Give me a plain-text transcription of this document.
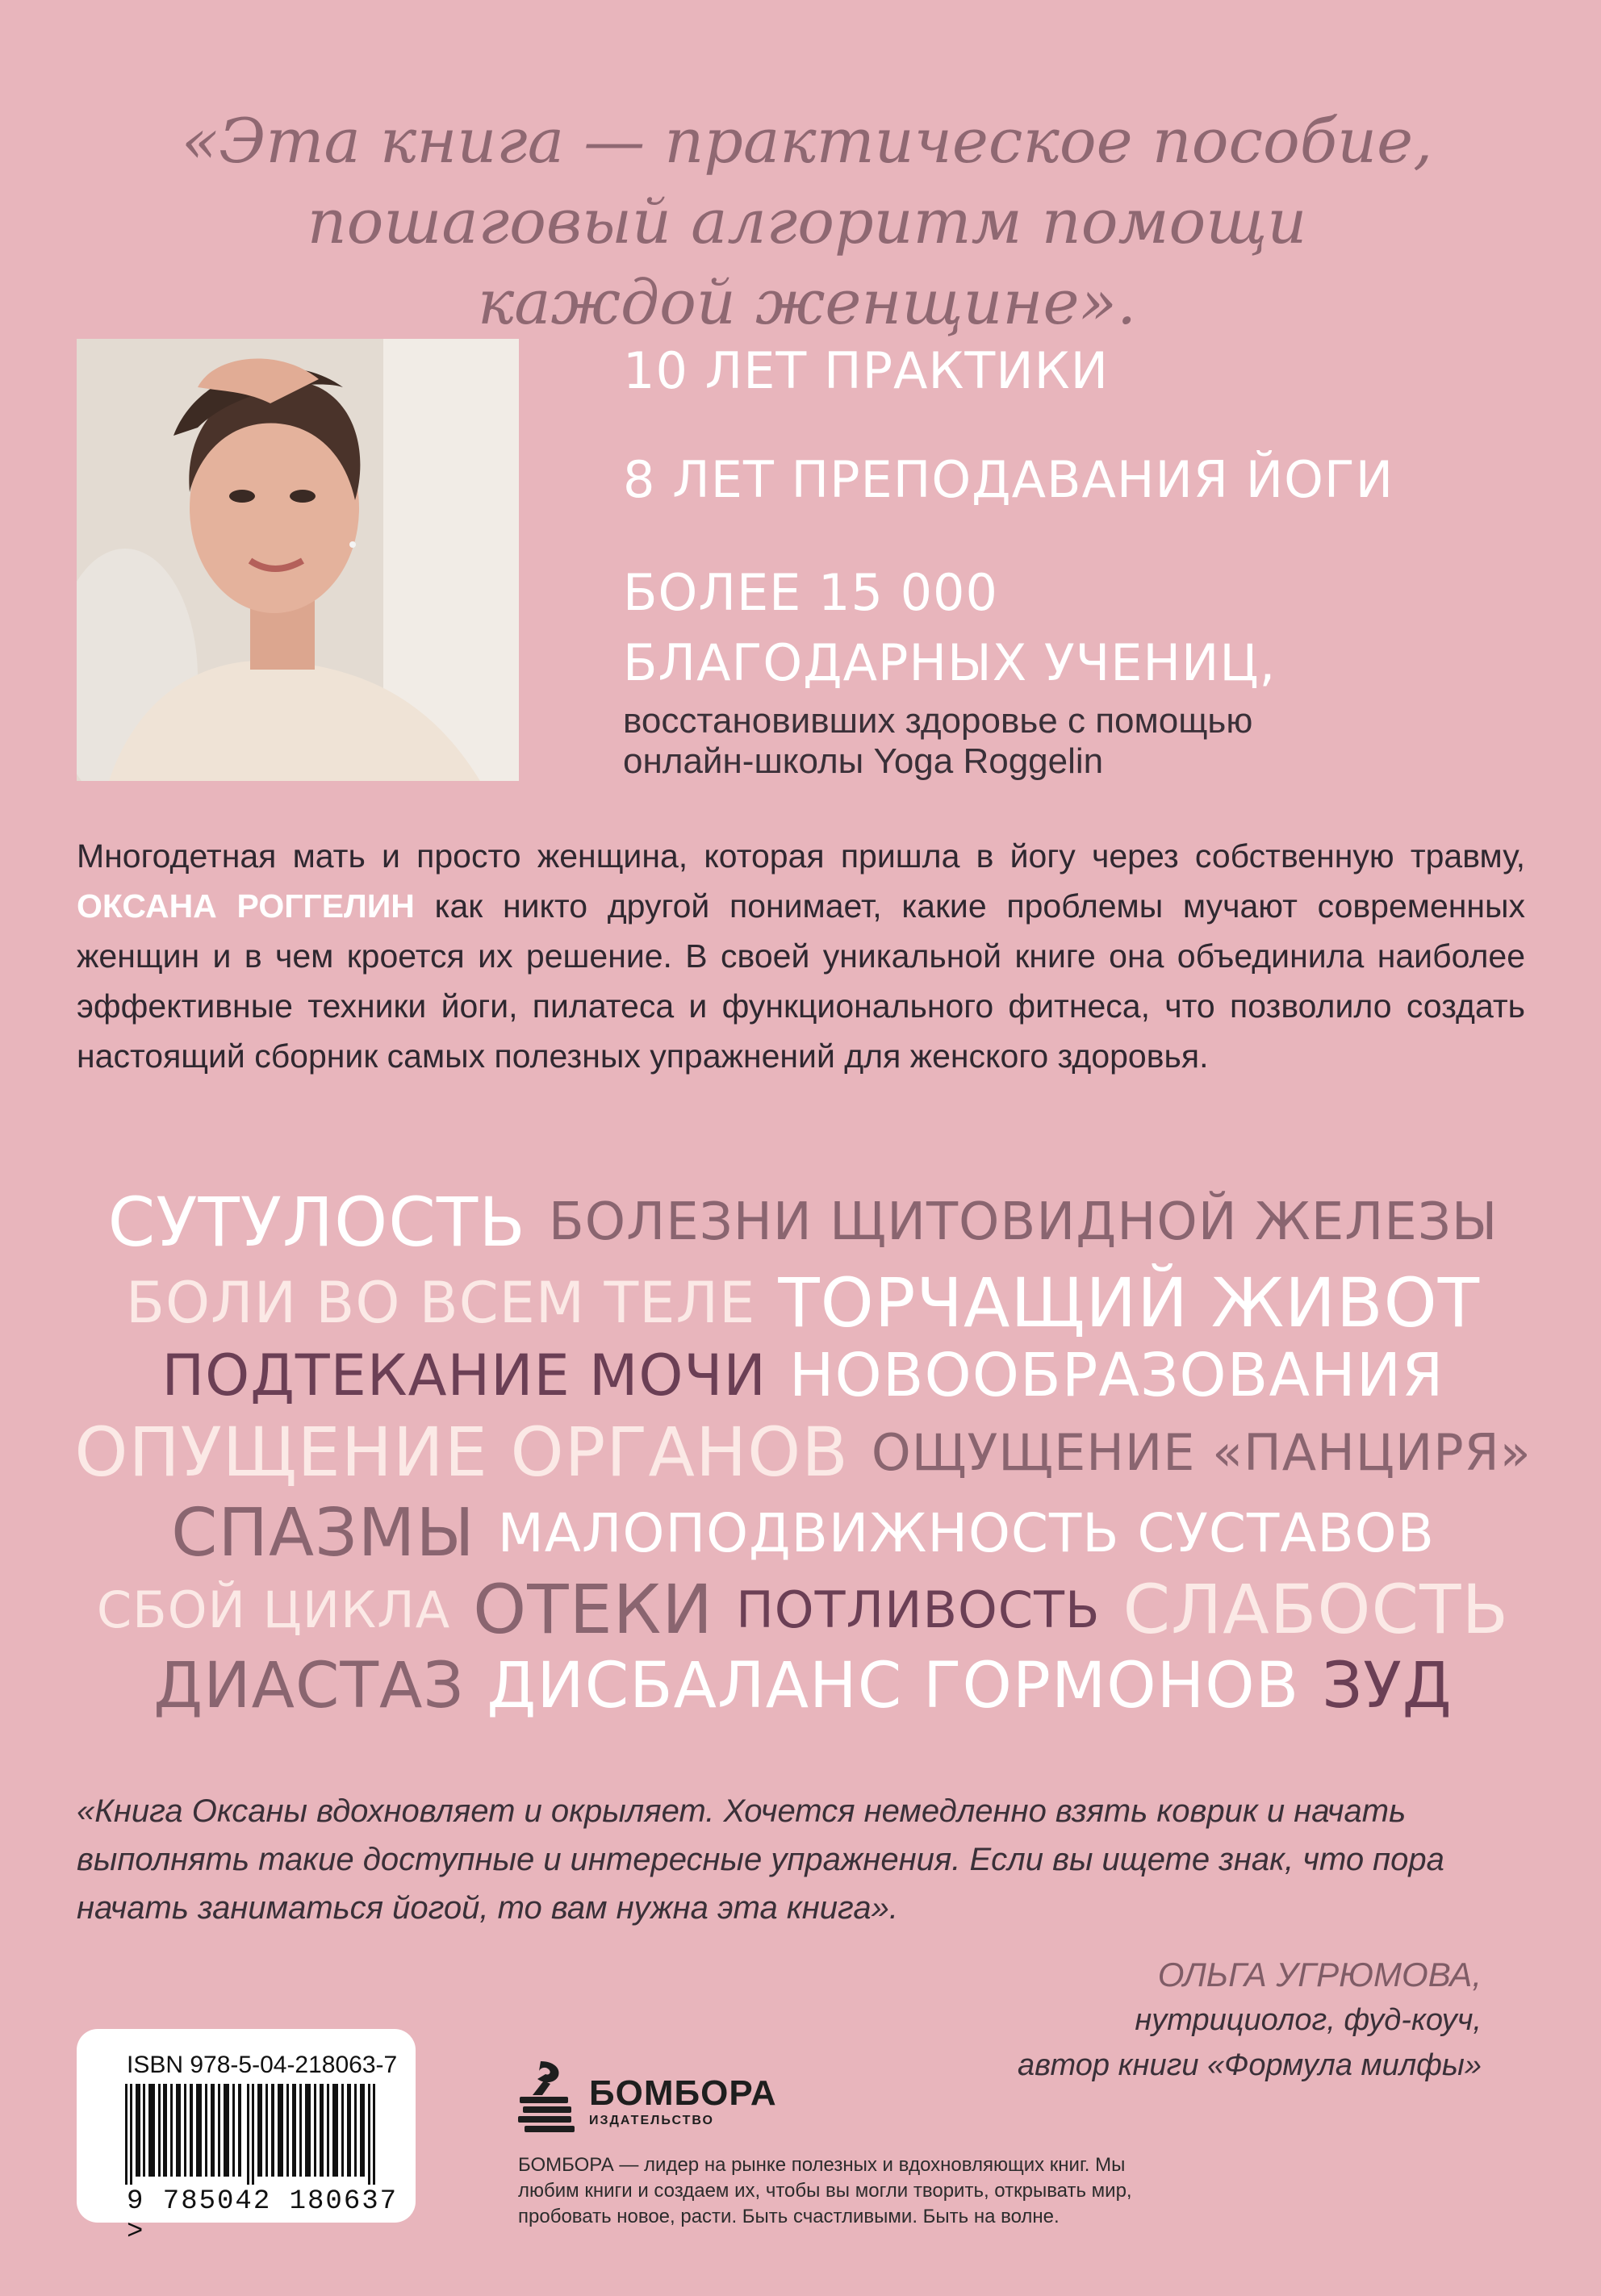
«Эта книга — практическое пособие,
пошаговый алгоритм помощи
каждой женщине».

10 ЛЕТ ПРАКТИКИ

8 ЛЕТ ПРЕПОДАВАНИЯ ЙОГИ

БОЛЕЕ 15 000

БЛАГОДАРНЫХ УЧЕНИЦ,

восстановивших здоровье с помощью
онлайн-школы Yoga Roggelin
Многодетная мать и просто женщина, которая пришла в йогу через собственную травму, ОКСАНА РОГГЕЛИН как никто другой понимает, какие проблемы мучают современных женщин и в чем кроется их решение. В своей уникальной книге она объединила наиболее эффективные техники йоги, пилатеса и функционального фитнеса, что позволило создать настоящий сборник самых полезных упражнений для женского здоровья.
СУТУЛОСТЬ БОЛЕЗНИ ЩИТОВИДНОЙ ЖЕЛЕЗЫ
БОЛИ ВО ВСЕМ ТЕЛЕ ТОРЧАЩИЙ ЖИВОТ
ПОДТЕКАНИЕ МОЧИ НОВООБРАЗОВАНИЯ
ОПУЩЕНИЕ ОРГАНОВ ОЩУЩЕНИЕ «ПАНЦИРЯ»
СПАЗМЫ МАЛОПОДВИЖНОСТЬ СУСТАВОВ
СБОЙ ЦИКЛА ОТЕКИ ПОТЛИВОСТЬ СЛАБОСТЬ
ДИАСТАЗ ДИСБАЛАНС ГОРМОНОВ ЗУД
«Книга Оксаны вдохновляет и окрыляет. Хочется немедленно взять коврик и начать выполнять такие доступные и интересные упражнения. Если вы ищете знак, что пора начать заниматься йогой, то вам нужна эта книга».
ОЛЬГА УГРЮМОВА,
нутрициолог, фуд-коуч,
автор книги «Формула милфы»
ISBN 978-5-04-218063-7
9 785042 180637 >
БОМБОРА
ИЗДАТЕЛЬСТВО
БОМБОРА — лидер на рынке полезных и вдохновляющих книг. Мы любим книги и создаем их, чтобы вы могли творить, открывать мир, пробовать новое, расти. Быть счастливыми. Быть на волне.
